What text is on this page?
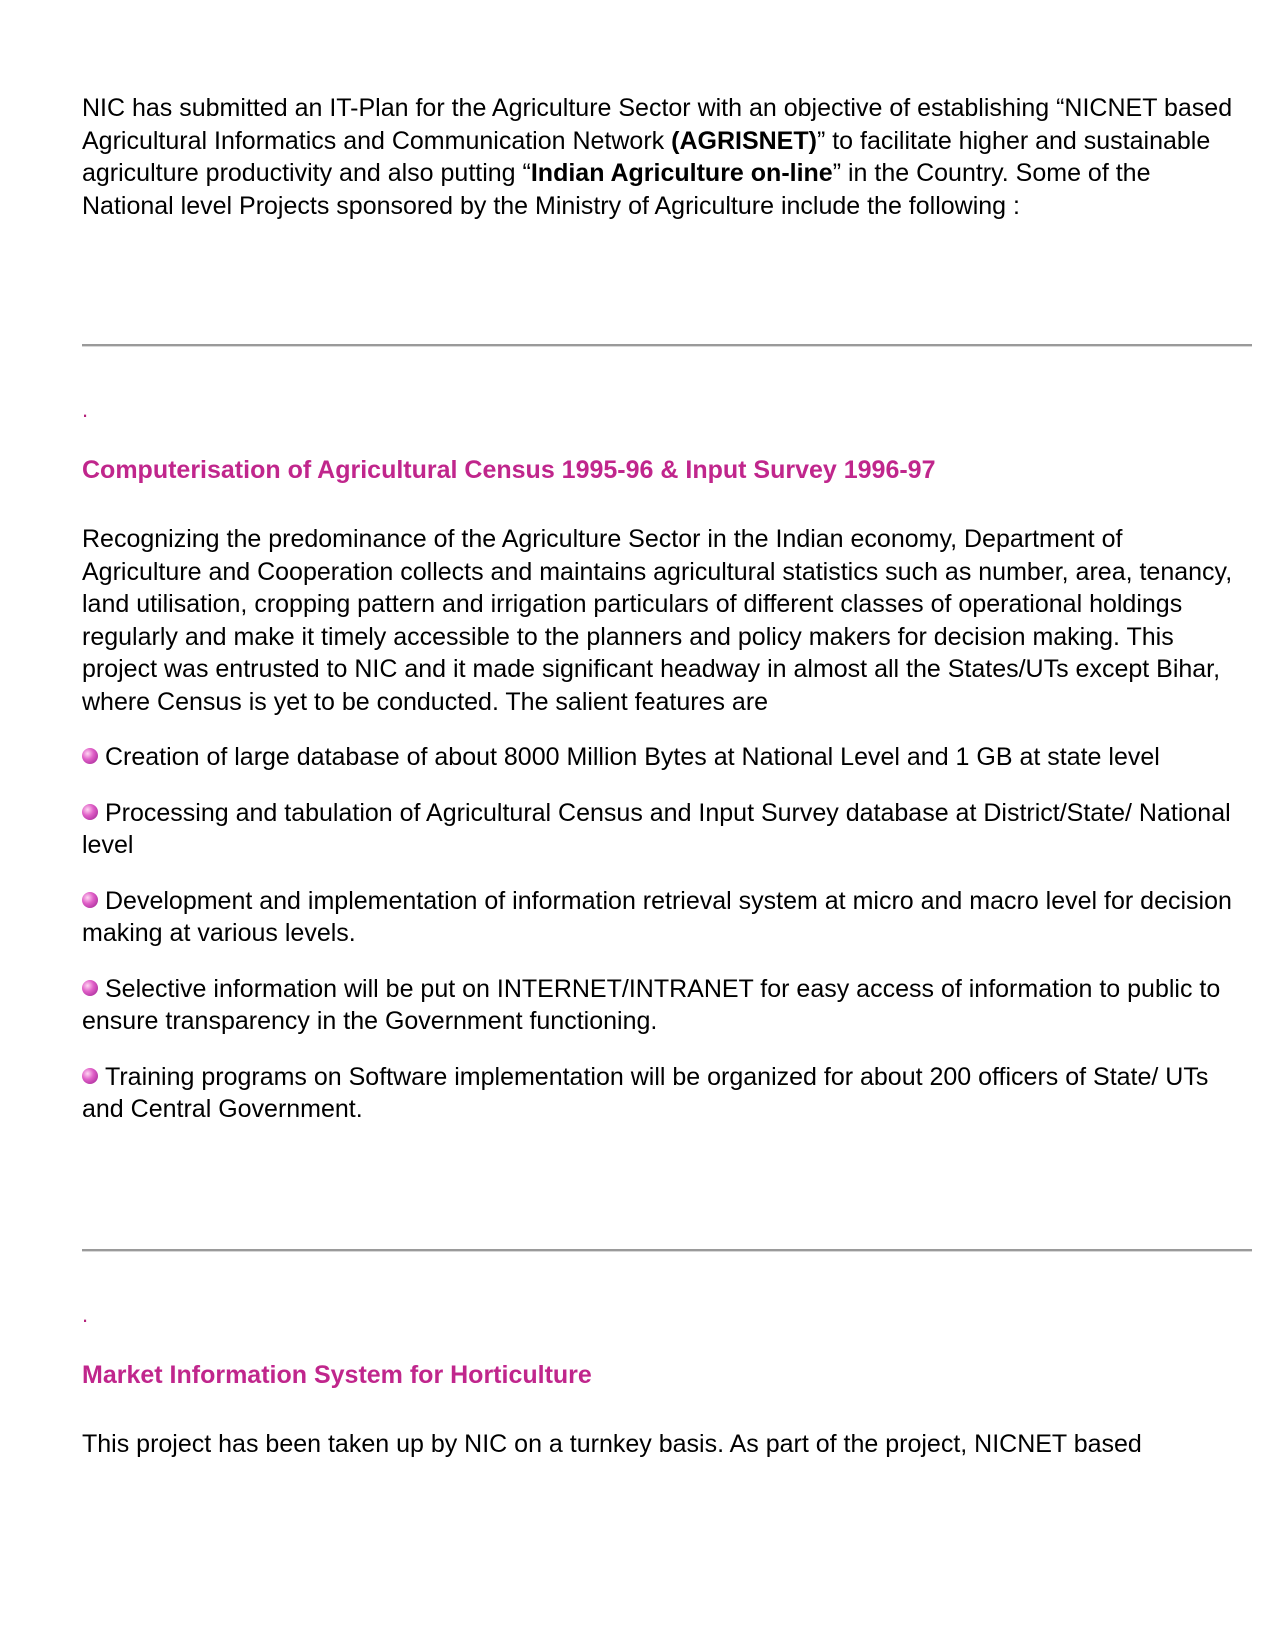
NIC has submitted an IT-Plan for the Agriculture Sector with an objective of establishing “NICNET based Agricultural Informatics and Communication Network (AGRISNET)” to facilitate higher and sustainable agriculture productivity and also putting “Indian Agriculture on-line” in the Country. Some of the National level Projects sponsored by the Ministry of Agriculture include the following :

.

Computerisation of Agricultural Census 1995-96 & Input Survey 1996-97

Recognizing the predominance of the Agriculture Sector in the Indian economy, Department of Agriculture and Cooperation collects and maintains agricultural statistics such as number, area, tenancy, land utilisation, cropping pattern and irrigation particulars of different classes of operational holdings regularly and make it timely accessible to the planners and policy makers for decision making. This project was entrusted to NIC and it made significant headway in almost all the States/UTs except Bihar, where Census is yet to be conducted. The salient features are

Creation of large database of about 8000 Million Bytes at National Level and 1 GB at state level

Processing and tabulation of Agricultural Census and Input Survey database at District/State/ National level

Development and implementation of information retrieval system at micro and macro level for decision making at various levels.

Selective information will be put on INTERNET/INTRANET for easy access of information to public to ensure transparency in the Government functioning.

Training programs on Software implementation will be organized for about 200 officers of State/ UTs and Central Government.

.

Market Information System for Horticulture

This project has been taken up by NIC on a turnkey basis. As part of the project, NICNET based
